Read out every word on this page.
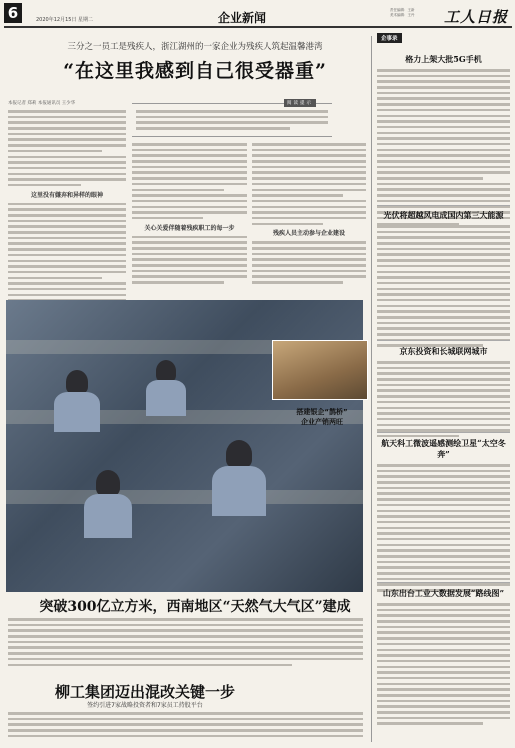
6	2020年12月15日 星期二	企业新闻
责任编辑：王新
美术编辑：王丹 工人日报
三分之一员工是残疾人，浙江湖州的一家企业为残疾人筑起温馨港湾
“在这里我感到自己很受器重”
本报记者 郑莉 本报通讯员 王少华
这里没有嫌弃和异样的眼神
阅读提示
关心关爱伴随着残疾职工的每一步
残疾人员主动参与企业建设
搭建银企“鹊桥”
企业产销两旺
突破300亿立方米，西南地区“天然气大气区”建成
柳工集团迈出混改关键一步
签约引进7家战略投资者和7家员工持股平台
企事录
格力上架大批5G手机
光伏将超越风电成国内第三大能源
京东投资和长城联网城市
航天科工微波遥感测绘卫星“太空冬奔”
山东出台工业大数据发展“路线图”
